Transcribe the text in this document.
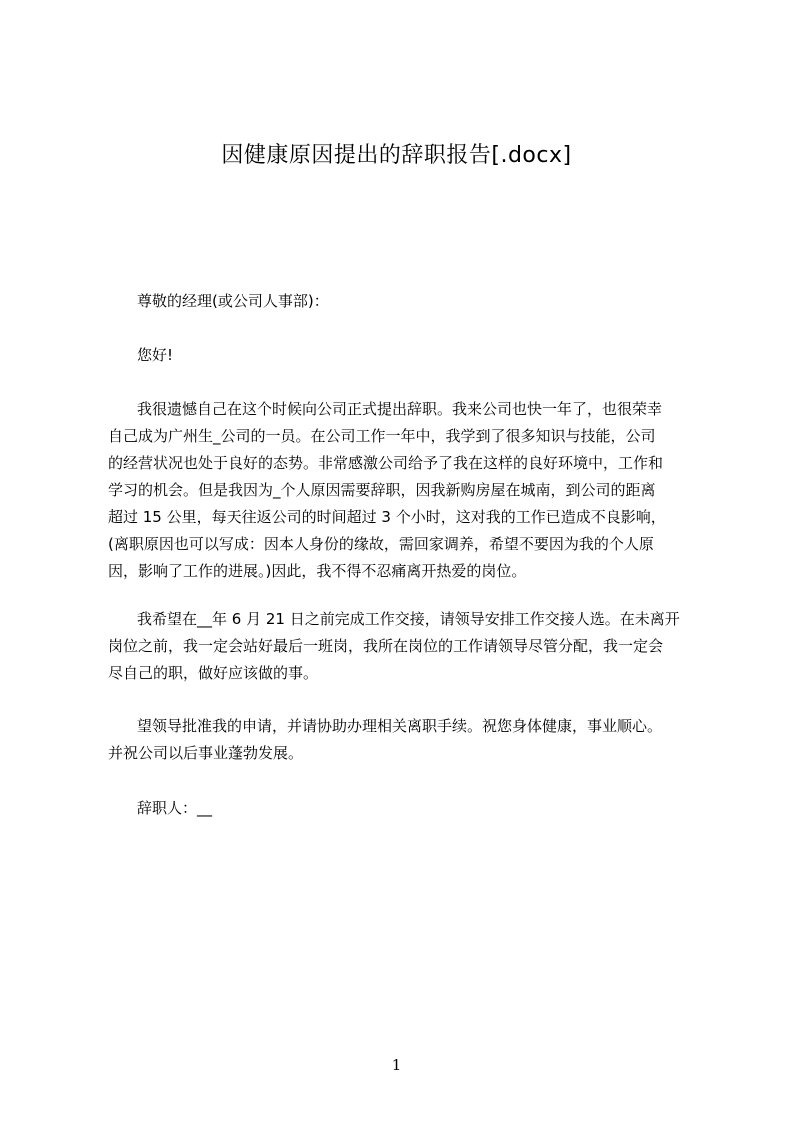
因健康原因提出的辞职报告[.docx]
尊敬的经理(或公司人事部)：
您好!
我很遗憾自己在这个时候向公司正式提出辞职。我来公司也快一年了，也很荣幸
自己成为广州生_公司的一员。在公司工作一年中，我学到了很多知识与技能，公司
的经营状况也处于良好的态势。非常感激公司给予了我在这样的良好环境中，工作和
学习的机会。但是我因为_个人原因需要辞职，因我新购房屋在城南，到公司的距离
超过 15 公里，每天往返公司的时间超过 3 个小时，这对我的工作已造成不良影响，
(离职原因也可以写成：因本人身份的缘故，需回家调养，希望不要因为我的个人原
因，影响了工作的进展。)因此，我不得不忍痛离开热爱的岗位。
我希望在__年 6 月 21 日之前完成工作交接，请领导安排工作交接人选。在未离开
岗位之前，我一定会站好最后一班岗，我所在岗位的工作请领导尽管分配，我一定会
尽自己的职，做好应该做的事。
望领导批准我的申请，并请协助办理相关离职手续。祝您身体健康，事业顺心。
并祝公司以后事业蓬勃发展。
辞职人：__
1
